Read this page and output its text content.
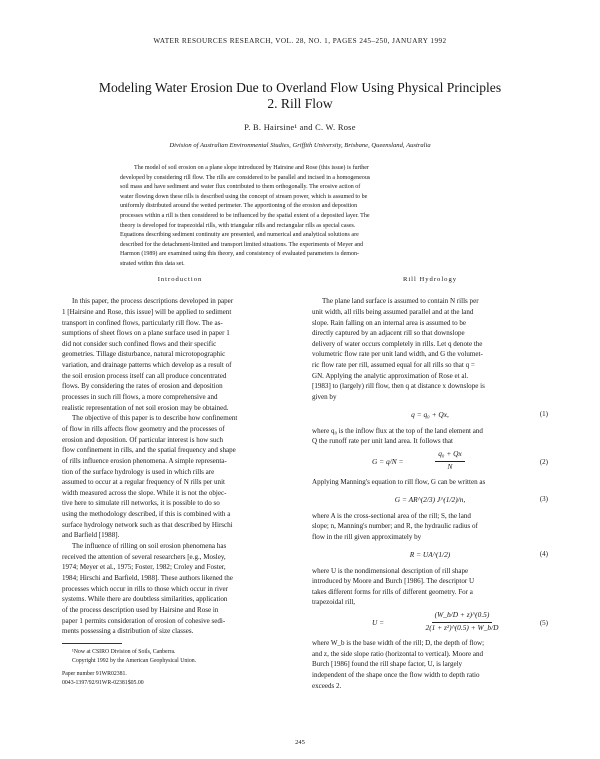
WATER RESOURCES RESEARCH, VOL. 28, NO. 1, PAGES 245–250, JANUARY 1992
Modeling Water Erosion Due to Overland Flow Using Physical Principles
2. Rill Flow
P. B. Hairsine¹ and C. W. Rose
Division of Australian Environmental Studies, Griffith University, Brisbane, Queensland, Australia
The model of soil erosion on a plane slope introduced by Hairsine and Rose (this issue) is further
developed by considering rill flow. The rills are considered to be parallel and incised in a homogeneous
soil mass and have sediment and water flux contributed to them orthogonally. The erosive action of
water flowing down these rills is described using the concept of stream power, which is assumed to be
uniformly distributed around the wetted perimeter. The apportioning of the erosion and deposition
processes within a rill is then considered to be influenced by the spatial extent of a deposited layer. The
theory is developed for trapezoidal rills, with triangular rills and rectangular rills as special cases.
Equations describing sediment continuity are presented, and numerical and analytical solutions are
described for the detachment-limited and transport limited situations. The experiments of Meyer and
Harmon (1989) are examined using this theory, and consistency of evaluated parameters is demon-
strated within this data set.
Introduction
In this paper, the process descriptions developed in paper
1 [Hairsine and Rose, this issue] will be applied to sediment
transport in confined flows, particularly rill flow. The as-
sumptions of sheet flows on a plane surface used in paper 1
did not consider such confined flows and their specific
geometries. Tillage disturbance, natural microtopographic
variation, and drainage patterns which develop as a result of
the soil erosion process itself can all produce concentrated
flows. By considering the rates of erosion and deposition
processes in such rill flows, a more comprehensive and
realistic representation of net soil erosion may be obtained.
The objective of this paper is to describe how confinement
of flow in rills affects flow geometry and the processes of
erosion and deposition. Of particular interest is how such
flow confinement in rills, and the spatial frequency and shape
of rills influence erosion phenomena. A simple representa-
tion of the surface hydrology is used in which rills are
assumed to occur at a regular frequency of N rills per unit
width measured across the slope. While it is not the objec-
tive here to simulate rill networks, it is possible to do so
using the methodology described, if this is combined with a
surface hydrology network such as that described by Hirschi
and Barfield [1988].
The influence of rilling on soil erosion phenomena has
received the attention of several researchers [e.g., Mosley,
1974; Meyer et al., 1975; Foster, 1982; Croley and Foster,
1984; Hirschi and Barfield, 1988]. These authors likened the
processes which occur in rills to those which occur in river
systems. While there are doubtless similarities, application
of the process description used by Hairsine and Rose in
paper 1 permits consideration of erosion of cohesive sedi-
ments possessing a distribution of size classes.
¹Now at CSIRO Division of Soils, Canberra.
Copyright 1992 by the American Geophysical Union.
Paper number 91WR02381.
0043-1397/92/91WR-02381$05.00
Rill Hydrology
The plane land surface is assumed to contain N rills per
unit width, all rills being assumed parallel and at the land
slope. Rain falling on an internal area is assumed to be
directly captured by an adjacent rill so that downslope
delivery of water occurs completely in rills. Let q denote the
volumetric flow rate per unit land width, and G the volumet-
ric flow rate per rill, assumed equal for all rills so that q =
GN. Applying the analytic approximation of Rose et al.
[1983] to (largely) rill flow, then q at distance x downslope is
given by
q = q₀ + Qx,	(1)
where q₀ is the inflow flux at the top of the land element and
Q the runoff rate per unit land area. It follows that
G = q/N =
$\frac{\text{q₀ + Qx}}{N}$	(2)
Applying Manning's equation to rill flow, G can be written as
G = AR^(2/3) J^(1/2)/n,	(3)
where A is the cross-sectional area of the rill; S, the land
slope; n, Manning's number; and R, the hydraulic radius of
flow in the rill given approximately by
R = UA^(1/2)	(4)
where U is the nondimensional description of rill shape
introduced by Moore and Burch [1986]. The descriptor U
takes different forms for rills of different geometry. For a
trapezoidal rill,
$U = \frac{(W\_b/D + z)\^{}(0.5)}{\text{2(1 + z²)\textasciicircum{}(0.5) + W\_b/D}}$	(5)
where W_b is the base width of the rill; D, the depth of flow;
and z, the side slope ratio (horizontal to vertical). Moore and
Burch [1986] found the rill shape factor, U, is largely
independent of the shape once the flow width to depth ratio
exceeds 2.
245
